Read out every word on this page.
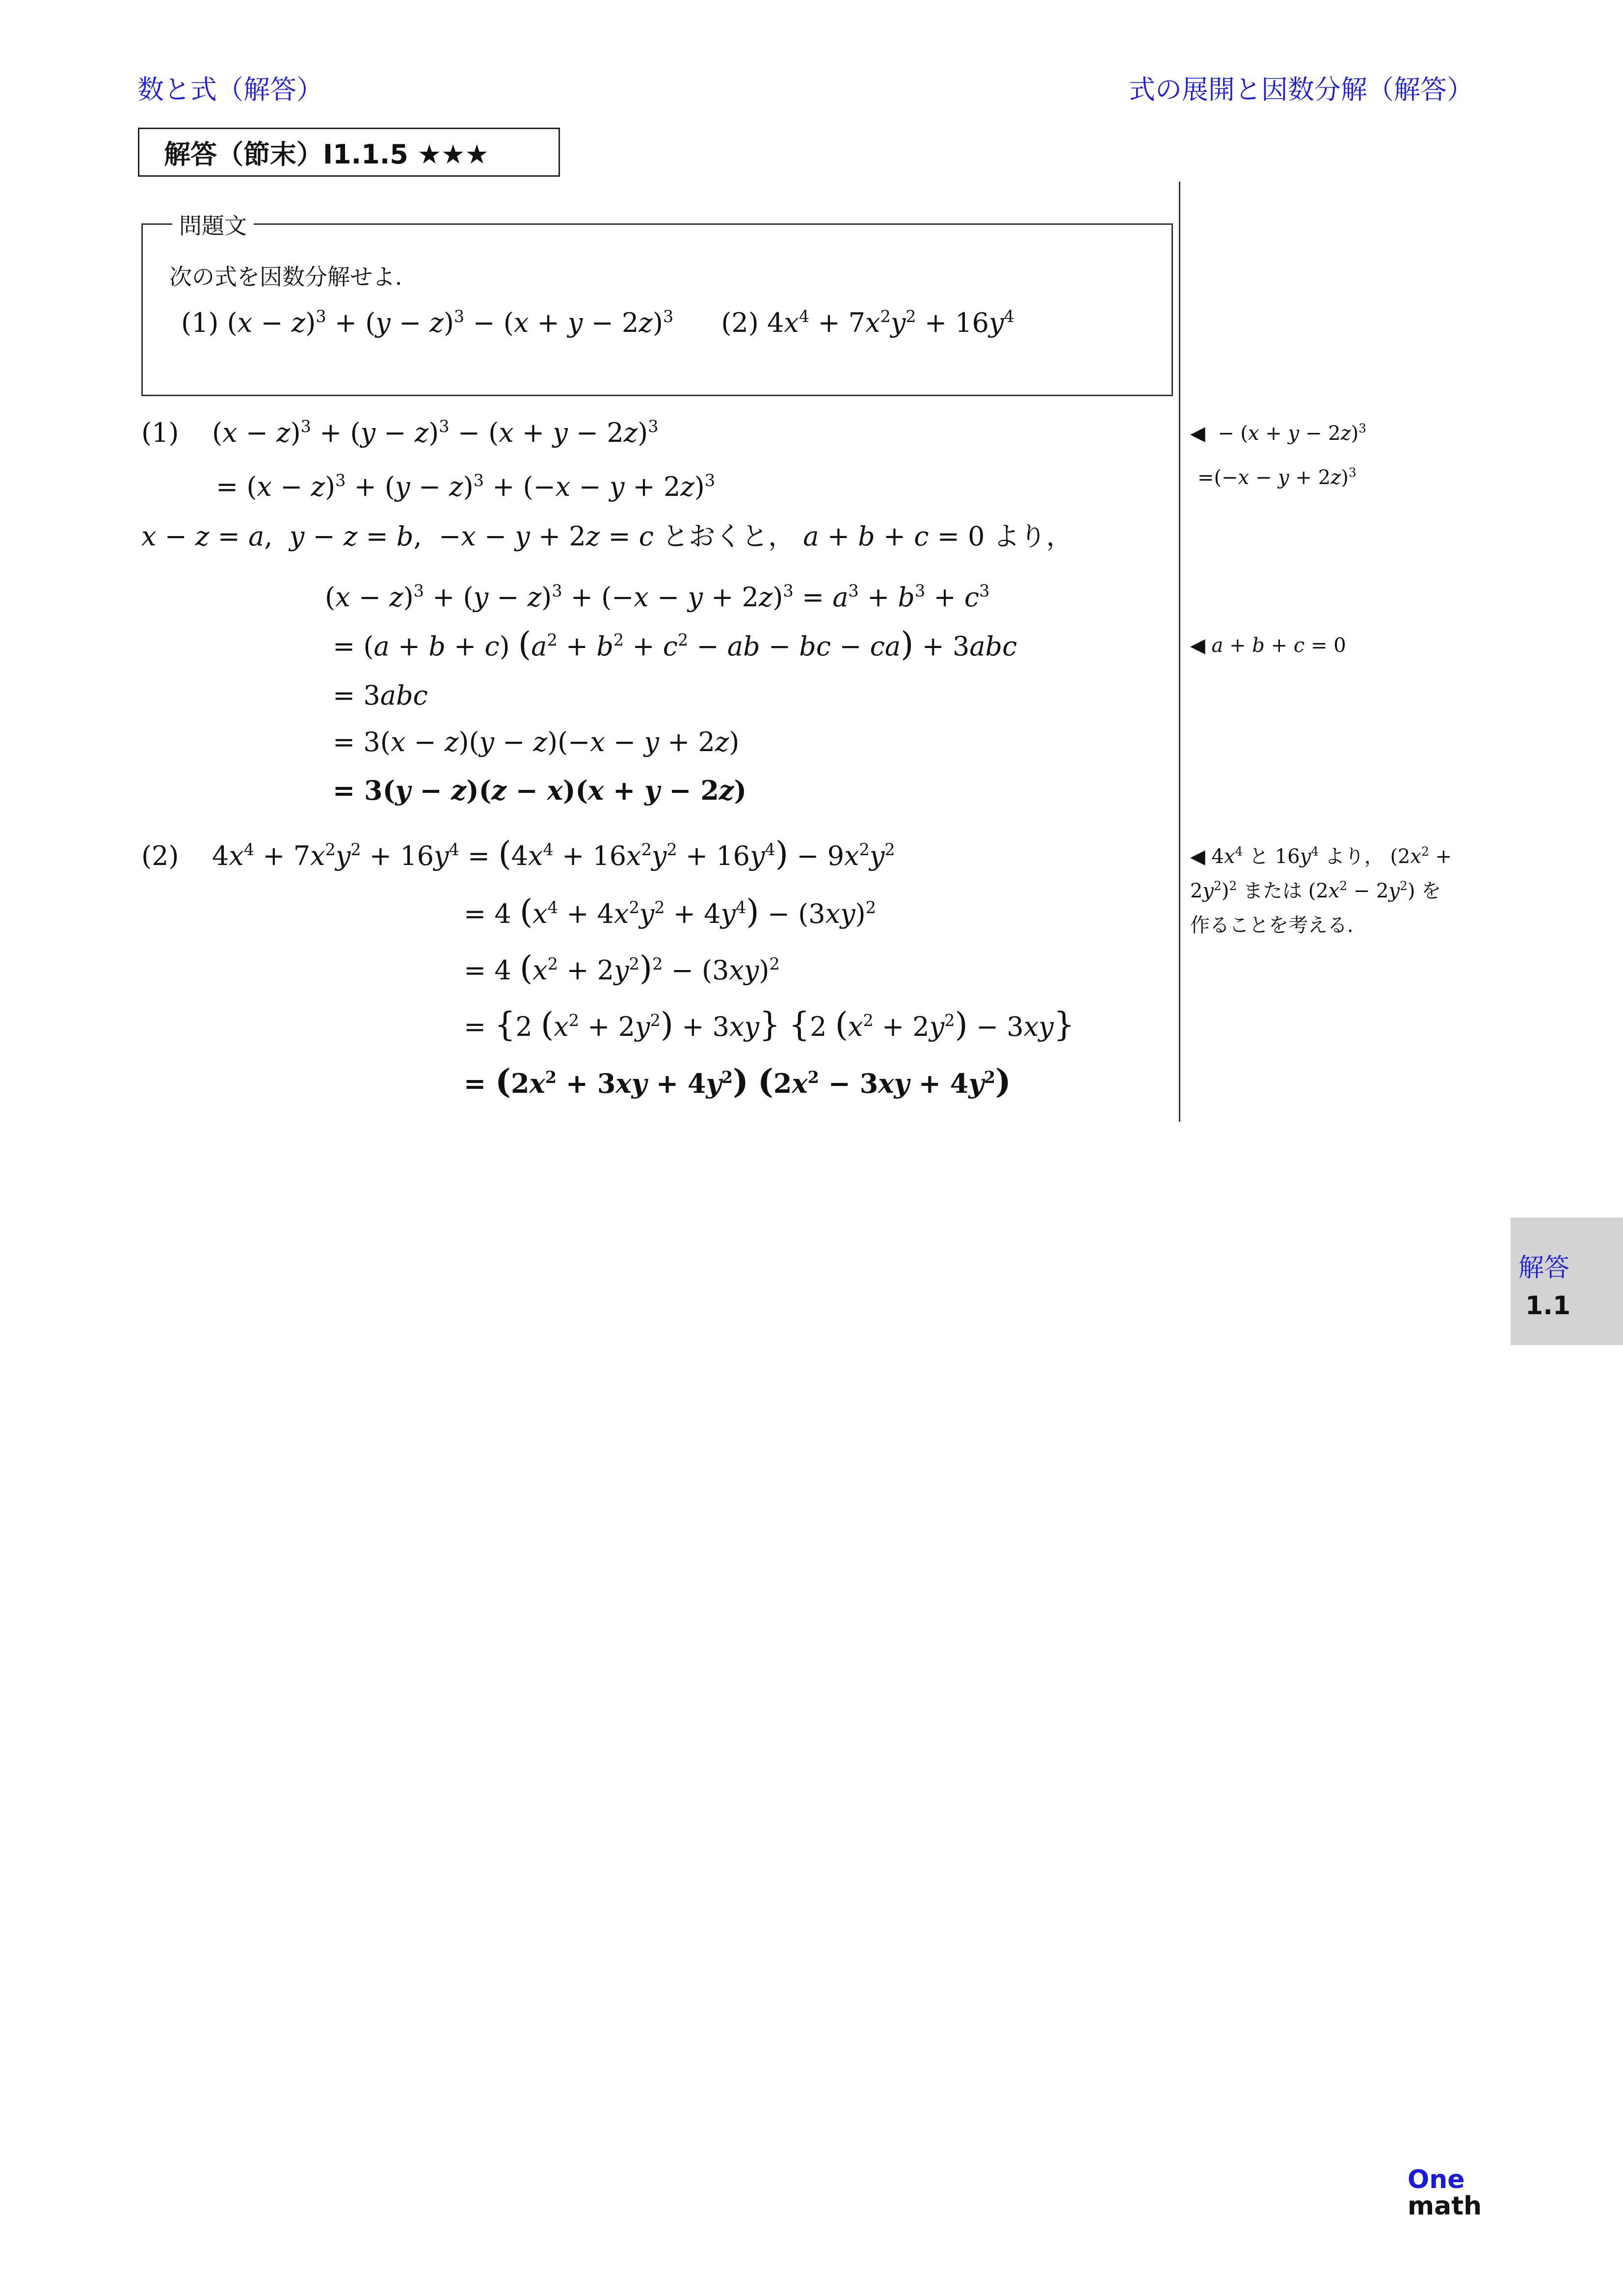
数と式（解答）	式の展開と因数分解（解答）
解答（節末）I1.1.5 ★★★
問題文
次の式を因数分解せよ．
(1) $(x - z)^3 + (y - z)^3 - (x + y - 2z)^3$ (2) $4x^4 + 7x^2y^2 + 16y^4$
(1) $(x - z)^3 + (y - z)^3 - (x + y - 2z)^3$
= $(x - z)^3 + (y - z)^3 + (-x - y + 2z)^3$
x − z = a,  y − z = b,  −x − y + 2z = c とおくと， a + b + c = 0 より，
$(x - z)^3 + (y - z)^3 + (-x - y + 2z)^3 = a^3 + b^3 + c^3$
= (a + b + c) ($a^2 + b^2 + c^2$ − ab − bc − ca) + 3abc
= 3abc
= 3(x − z)(y − z)(−x − y + 2z)
= 3(y − z)(z − x)(x + y − 2z)
(2) $4x^4 + 7x^2y^2 + 16y^4 = (4x^4 + 16x^2y^2 + 16y^4) - 9x^2y^2$
= 4 $(x^4 + 4x^2y^2 + 4y^4) - (3xy)^2$
= 4 $(x^2 + 2y^2)^2 - (3xy)^2$
= {2 $(x^2 + 2y^2) + 3xy$} {2 $(x^2 + 2y^2) - 3xy$}
= $(2x^2 + 3xy + 4y^2) (2x^2 - 3xy + 4y^2)$
◀  − $(x + y - 2z)^3$
$=(-x - y + 2z)^3$
◀ a + b + c = 0
◀ $4x^4$ と $16y^4$ より， $(2x^2 + 2y^2)^2$ または $(2x^2 - 2y^2)$ を
作ることを考える．
解答
1.1
One
math
